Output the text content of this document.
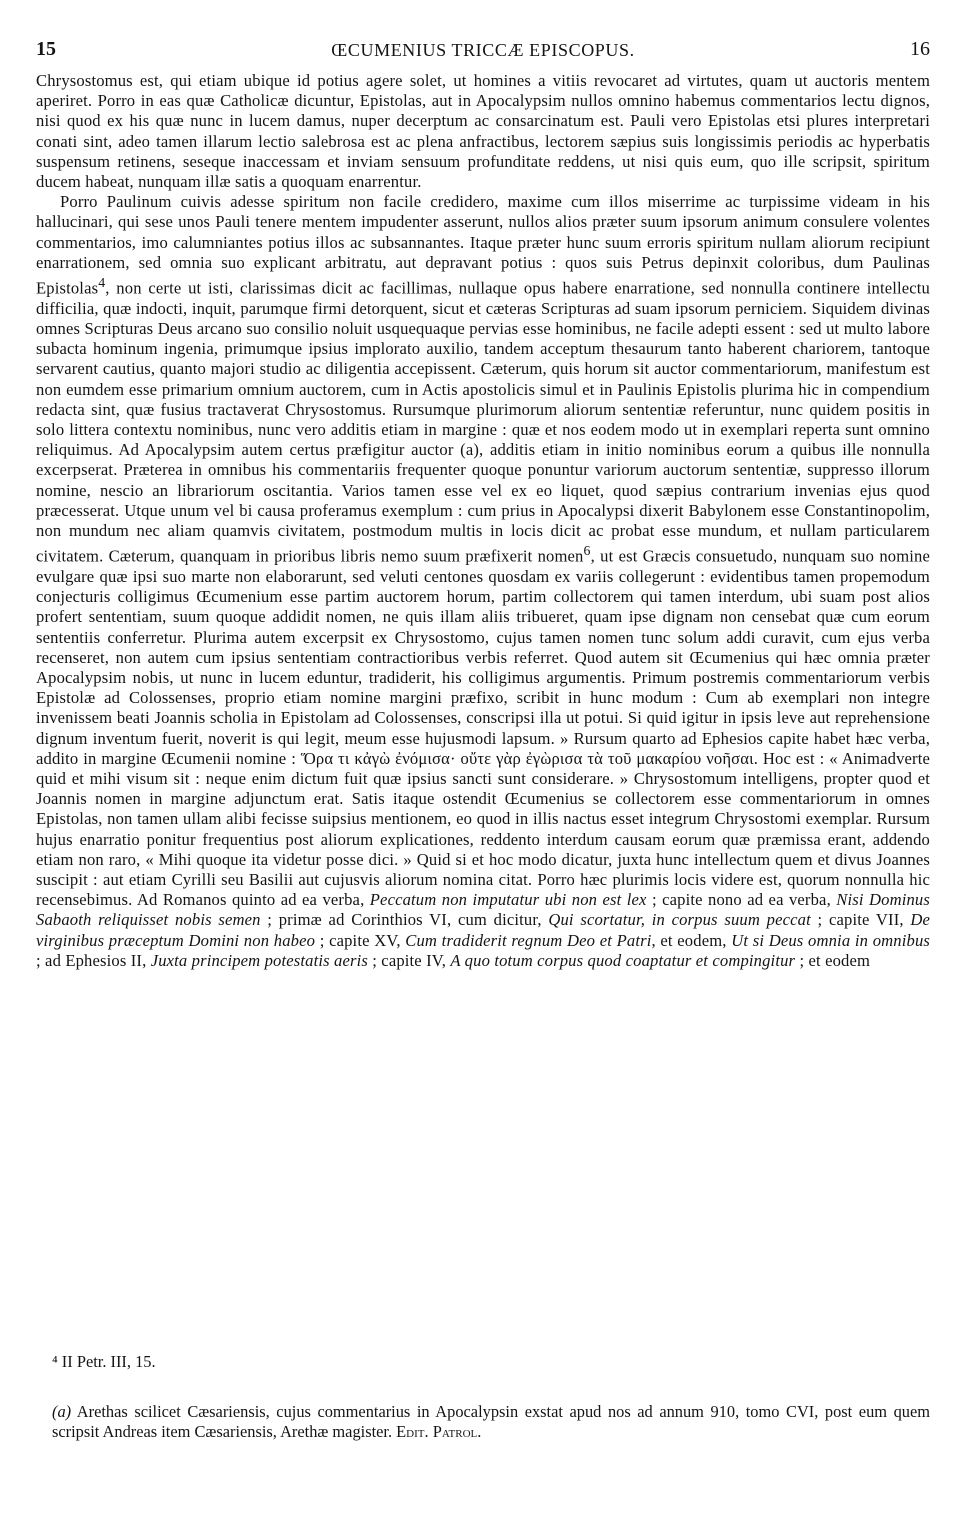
15	ŒCUMENIUS TRICCÆ EPISCOPUS.	16

Chrysostomus est, qui etiam ubique id potius agere solet, ut homines a vitiis revocaret ad virtutes, quam ut auctoris mentem aperiret. Porro in eas quæ Catholicæ dicuntur, Epistolas, aut in Apocalypsim nullos omnino habemus commentarios lectu dignos, nisi quod ex his quæ nunc in lucem damus, nuper decerptum ac consarcinatum est. Pauli vero Epistolas etsi plures interpretari conati sint, adeo tamen illarum lectio salebrosa est ac plena anfractibus, lectorem sæpius suis longissimis periodis ac hyperbatis suspensum retinens, seseque inaccessam et inviam sensuum profunditate reddens, ut nisi quis eum, quo ille scripsit, spiritum ducem habeat, nunquam illæ satis a quoquam enarrentur.

Porro Paulinum cuivis adesse spiritum non facile credidero, maxime cum illos miserrime ac turpissime videam in his hallucinari, qui sese unos Pauli tenere mentem impudenter asserunt, nullos alios præter suum ipsorum animum consulere volentes commentarios, imo calumniantes potius illos ac subsannantes. Itaque præter hunc suum erroris spiritum nullam aliorum recipiunt enarrationem, sed omnia suo explicant arbitratu, aut depravant potius : quos suis Petrus depinxit coloribus, dum Paulinas Epistolas$^4$, non certe ut isti, clarissimas dicit ac facillimas, nullaque opus habere enarratione, sed nonnulla continere intellectu difficilia, quæ indocti, inquit, parumque firmi detorquent, sicut et cæteras Scripturas ad suam ipsorum perniciem. Siquidem divinas omnes Scripturas Deus arcano suo consilio noluit usquequaque pervias esse hominibus, ne facile adepti essent : sed ut multo labore subacta hominum ingenia, primumque ipsius implorato auxilio, tandem acceptum thesaurum tanto haberent chariorem, tantoque servarent cautius, quanto majori studio ac diligentia accepissent. Cæterum, quis horum sit auctor commentariorum, manifestum est non eumdem esse primarium omnium auctorem, cum in Actis apostolicis simul et in Paulinis Epistolis plurima hic in compendium redacta sint, quæ fusius tractaverat Chrysostomus. Rursumque plurimorum aliorum sententiæ referuntur, nunc quidem positis in solo littera contextu nominibus, nunc vero additis etiam in margine : quæ et nos eodem modo ut in exemplari reperta sunt omnino reliquimus. Ad Apocalypsim autem certus præfigitur auctor (a), additis etiam in initio nominibus eorum a quibus ille nonnulla excerpserat. Præterea in omnibus his commentariis frequenter quoque ponuntur variorum auctorum sententiæ, suppresso illorum nomine, nescio an librariorum oscitantia. Varios tamen esse vel ex eo liquet, quod sæpius contrarium invenias ejus quod præcesserat. Utque unum vel bi causa proferamus exemplum : cum prius in Apocalypsi dixerit Babylonem esse Constantinopolim, non mundum nec aliam quamvis civitatem, postmodum multis in locis dicit ac probat esse mundum, et nullam particularem civitatem. Cæterum, quanquam in prioribus libris nemo suum præfixerit nomen$^6$, ut est Græcis consuetudo, nunquam suo nomine evulgare quæ ipsi suo marte non elaborarunt, sed veluti centones quosdam ex variis collegerunt : evidentibus tamen propemodum conjecturis colligimus Œcumenium esse partim auctorem horum, partim collectorem qui tamen interdum, ubi suam post alios profert sententiam, suum quoque addidit nomen, ne quis illam aliis tribueret, quam ipse dignam non censebat quæ cum eorum sententiis conferretur. Plurima autem excerpsit ex Chrysostomo, cujus tamen nomen tunc solum addi curavit, cum ejus verba recenseret, non autem cum ipsius sententiam contractioribus verbis referret. Quod autem sit Œcumenius qui hæc omnia præter Apocalypsim nobis, ut nunc in lucem eduntur, tradiderit, his colligimus argumentis. Primum postremis commentariorum verbis Epistolæ ad Colossenses, proprio etiam nomine margini præfixo, scribit in hunc modum : Cum ab exemplari non integre invenissem beati Joannis scholia in Epistolam ad Colossenses, conscripsi illa ut potui. Si quid igitur in ipsis leve aut reprehensione dignum inventum fuerit, noverit is qui legit, meum esse hujusmodi lapsum. » Rursum quarto ad Ephesios capite habet hæc verba, addito in margine Œcumenii nomine : Ὅρα τι κἀγὼ ἐνόμισα· οὔτε γὰρ ἐγὼρισα τὰ τοῦ μακαρίου νοῆσαι. Hoc est : « Animadverte quid et mihi visum sit : neque enim dictum fuit quæ ipsius sancti sunt considerare. » Chrysostomum intelligens, propter quod et Joannis nomen in margine adjunctum erat. Satis itaque ostendit Œcumenius se collectorem esse commentariorum in omnes Epistolas, non tamen ullam alibi fecisse suipsius mentionem, eo quod in illis nactus esset integrum Chrysostomi exemplar. Rursum hujus enarratio ponitur frequentius post aliorum explicationes, reddento interdum causam eorum quæ præmissa erant, addendo etiam non raro, « Mihi quoque ita videtur posse dici. » Quid si et hoc modo dicatur, juxta hunc intellectum quem et divus Joannes suscipit : aut etiam Cyrilli seu Basilii aut cujusvis aliorum nomina citat. Porro hæc plurimis locis videre est, quorum nonnulla hic recensebimus. Ad Romanos quinto ad ea verba, Peccatum non imputatur ubi non est lex ; capite nono ad ea verba, Nisi Dominus Sabaoth reliquisset nobis semen ; primæ ad Corinthios VI, cum dicitur, Qui scortatur, in corpus suum peccat ; capite VII, De virginibus præceptum Domini non habeo ; capite XV, Cum tradiderit regnum Deo et Patri, et eodem, Ut si Deus omnia in omnibus ; ad Ephesios II, Juxta principem potestatis aeris ; capite IV, A quo totum corpus quod coaptatur et compingitur ; et eodem

⁴ II Petr. III, 15.

(a) Arethas scilicet Cæsariensis, cujus commentarius in Apocalypsin exstat apud nos ad annum 910, tomo CVI, post eum quem scripsit Andreas item Cæsariensis, Arethæ magister. Edit. Patrol.
